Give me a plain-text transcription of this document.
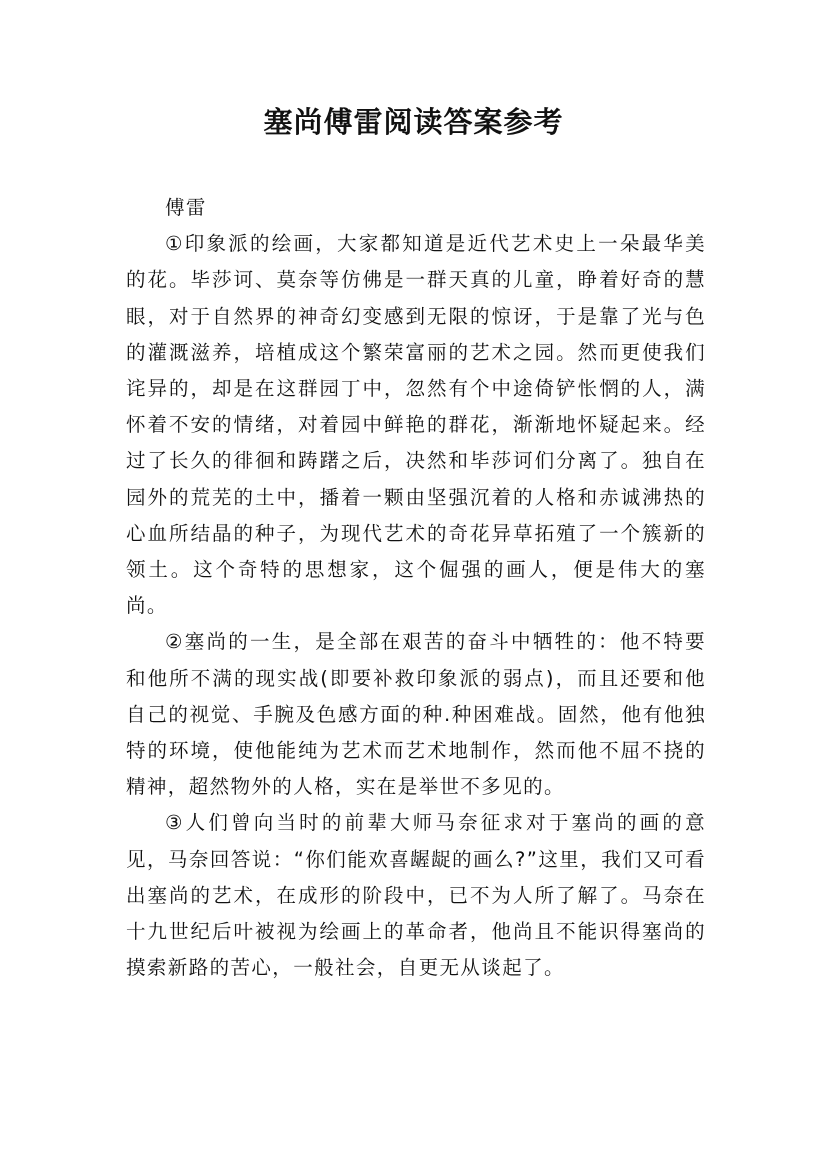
塞尚傅雷阅读答案参考

傅雷

①印象派的绘画，大家都知道是近代艺术史上一朵最华美的花。毕莎诃、莫奈等仿佛是一群天真的儿童，睁着好奇的慧眼，对于自然界的神奇幻变感到无限的惊讶，于是靠了光与色的灌溉滋养，培植成这个繁荣富丽的艺术之园。然而更使我们诧异的，却是在这群园丁中，忽然有个中途倚铲怅惘的人，满怀着不安的情绪，对着园中鲜艳的群花，渐渐地怀疑起来。经过了长久的徘徊和踌躇之后，决然和毕莎诃们分离了。独自在园外的荒芜的土中，播着一颗由坚强沉着的人格和赤诚沸热的心血所结晶的种子，为现代艺术的奇花异草拓殖了一个簇新的领土。这个奇特的思想家，这个倔强的画人，便是伟大的塞尚。

②塞尚的一生，是全部在艰苦的奋斗中牺牲的：他不特要和他所不满的现实战(即要补救印象派的弱点)，而且还要和他自己的视觉、手腕及色感方面的种.种困难战。固然，他有他独特的环境，使他能纯为艺术而艺术地制作，然而他不屈不挠的精神，超然物外的人格，实在是举世不多见的。

③人们曾向当时的前辈大师马奈征求对于塞尚的画的意见，马奈回答说：“你们能欢喜龌龊的画么?”这里，我们又可看出塞尚的艺术，在成形的阶段中，已不为人所了解了。马奈在十九世纪后叶被视为绘画上的革命者，他尚且不能识得塞尚的摸索新路的苦心，一般社会，自更无从谈起了。
